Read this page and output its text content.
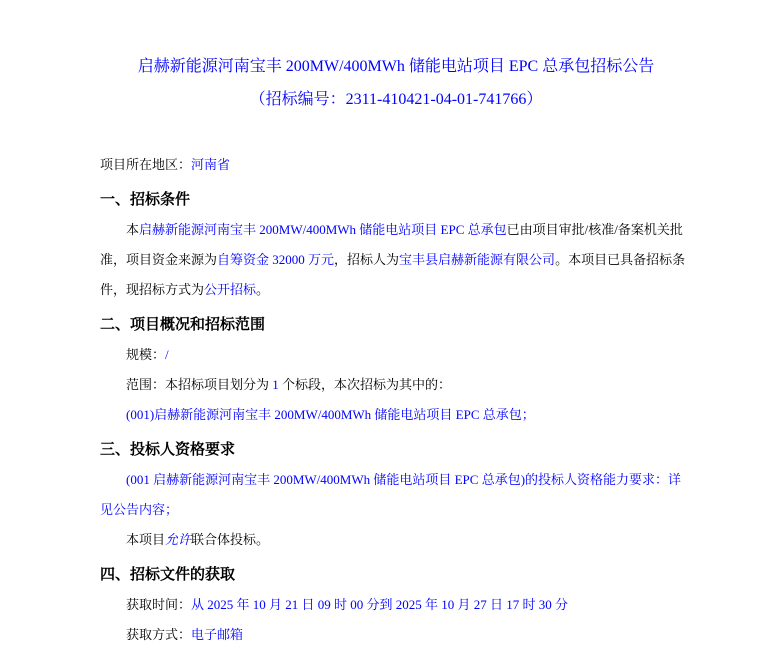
启赫新能源河南宝丰 200MW/400MWh 储能电站项目 EPC 总承包招标公告
（招标编号：2311-410421-04-01-741766）

项目所在地区：河南省

一、招标条件

本启赫新能源河南宝丰 200MW/400MWh 储能电站项目 EPC 总承包已由项目审批/核准/备案机关批准，项目资金来源为自筹资金 32000 万元，招标人为宝丰县启赫新能源有限公司。本项目已具备招标条件，现招标方式为公开招标。

二、项目概况和招标范围

规模：/

范围：本招标项目划分为 1 个标段，本次招标为其中的：

(001)启赫新能源河南宝丰 200MW/400MWh 储能电站项目 EPC 总承包；

三、投标人资格要求

(001 启赫新能源河南宝丰 200MW/400MWh 储能电站项目 EPC 总承包)的投标人资格能力要求：详见公告内容；

本项目允许联合体投标。

四、招标文件的获取

获取时间：从 2025 年 10 月 21 日 09 时 00 分到 2025 年 10 月 27 日 17 时 30 分

获取方式：电子邮箱
